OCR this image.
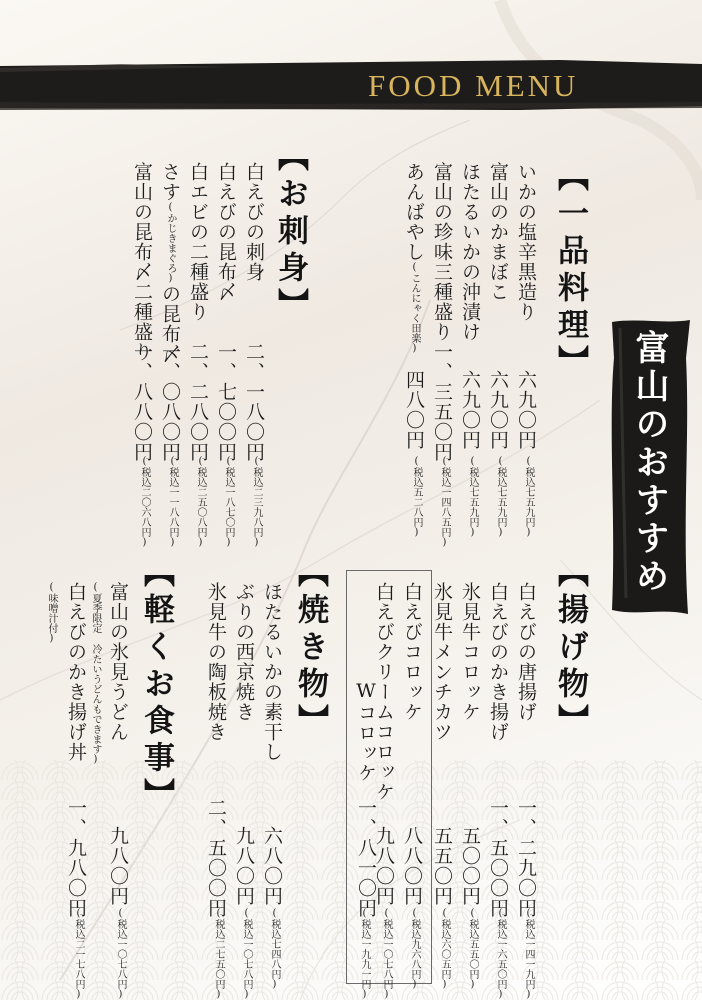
FOOD MENU
【一品料理】
いかの塩辛黒造り
富山のかまぼこ
ほたるいかの沖漬け
富山の珍味三種盛り
あんばやし(こんにゃく田楽)
六九〇円
六九〇円
六九〇円
一、三五〇円
四八〇円
(税込七五九円)
(税込七五九円)
(税込七五九円)
(税込一四八五円)
(税込五二八円)
【お刺身】
白えびの刺身
白えびの昆布〆
白エビの二種盛り
さす(かじきまぐろ)の昆布〆
富山の昆布〆二種盛り
二、一八〇円
一、七〇〇円
二、二八〇円
一、〇八〇円
一、八八〇円
(税込二三九八円)
(税込一八七〇円)
(税込二五〇八円)
(税込一一八八円)
(税込二〇六八円)	富山のおすすめ
【揚げ物】
白えびの唐揚げ
白えびのかき揚げ
氷見牛コロッケ
氷見牛メンチカツ
白えびコロッケ
白えびクリームコロッケ
Wコロッケ
一、二九〇円
一、五〇〇円
五〇〇円
五五〇円
八八〇円
九八〇円
一、八一〇円
(税込一四一九円)
(税込一六五〇円)
(税込五五〇円)
(税込六〇五円)
(税込九六八円)
(税込一〇七八円)
(税込一九九一円)
【焼き物】
ほたるいかの素干し
ぶりの西京焼き
氷見牛の陶板焼き
六八〇円
九八〇円
二、五〇〇円
(税込七四八円)
(税込一〇七八円)
(税込二七五〇円)
【軽くお食事】
富山の氷見うどん
(夏季限定 冷たいうどんもできます)
白えびのかき揚げ丼
(味噌汁付)
九八〇円
一、九八〇円
(税込一〇七八円)
(税込二一七八円)
